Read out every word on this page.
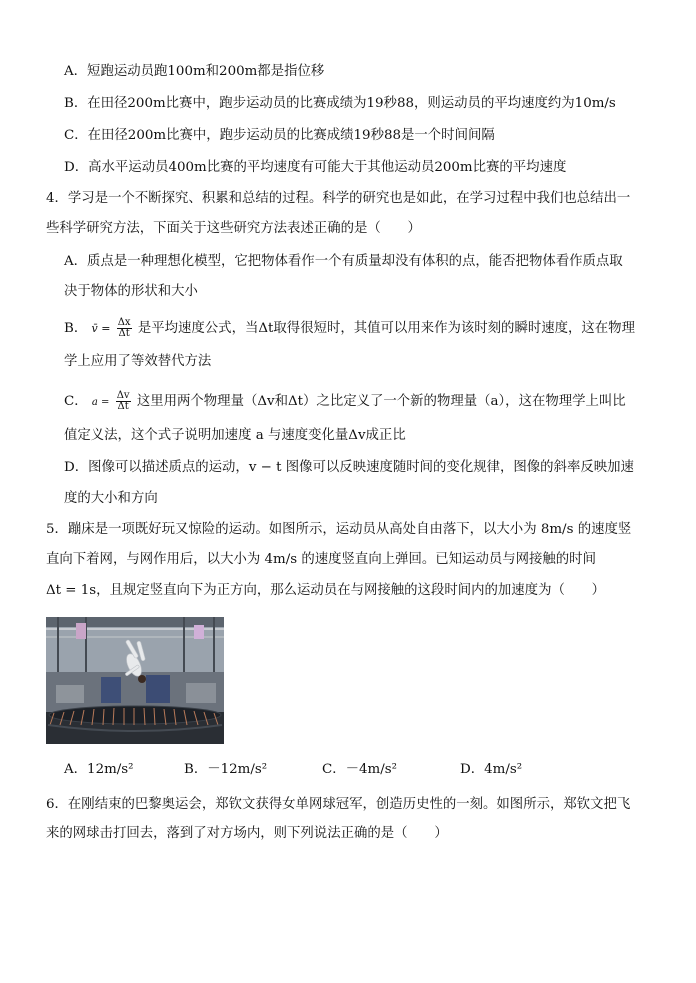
A．短跑运动员跑100m和200m都是指位移
B．在田径200m比赛中，跑步运动员的比赛成绩为19秒88，则运动员的平均速度约为10m/s
C．在田径200m比赛中，跑步运动员的比赛成绩19秒88是一个时间间隔
D．高水平运动员400m比赛的平均速度有可能大于其他运动员200m比赛的平均速度
4．学习是一个不断探究、积累和总结的过程。科学的研究也是如此，在学习过程中我们也总结出一
些科学研究方法，下面关于这些研究方法表述正确的是（　　）
A．质点是一种理想化模型，它把物体看作一个有质量却没有体积的点，能否把物体看作质点取
决于物体的形状和大小
B． v̄ = $\frac{\Delta x}{\Delta t}$ 是平均速度公式，当Δt取得很短时，其值可以用来作为该时刻的瞬时速度，这在物理
学上应用了等效替代方法
C． $a = \frac{\Delta v}{\Delta t}$ 这里用两个物理量（Δv和Δt）之比定义了一个新的物理量（a），这在物理学上叫比
值定义法，这个式子说明加速度 a 与速度变化量Δv成正比
D．图像可以描述质点的运动，v − t 图像可以反映速度随时间的变化规律，图像的斜率反映加速
度的大小和方向
5．蹦床是一项既好玩又惊险的运动。如图所示，运动员从高处自由落下，以大小为 8m/s 的速度竖
直向下着网，与网作用后，以大小为 4m/s 的速度竖直向上弹回。已知运动员与网接触的时间
Δt = 1s，且规定竖直向下为正方向，那么运动员在与网接触的这段时间内的加速度为（　　）
A．12m/s²	B．－12m/s²	C．－4m/s²	D．4m/s²
6．在刚结束的巴黎奥运会，郑钦文获得女单网球冠军，创造历史性的一刻。如图所示，郑钦文把飞
来的网球击打回去，落到了对方场内，则下列说法正确的是（　　）
